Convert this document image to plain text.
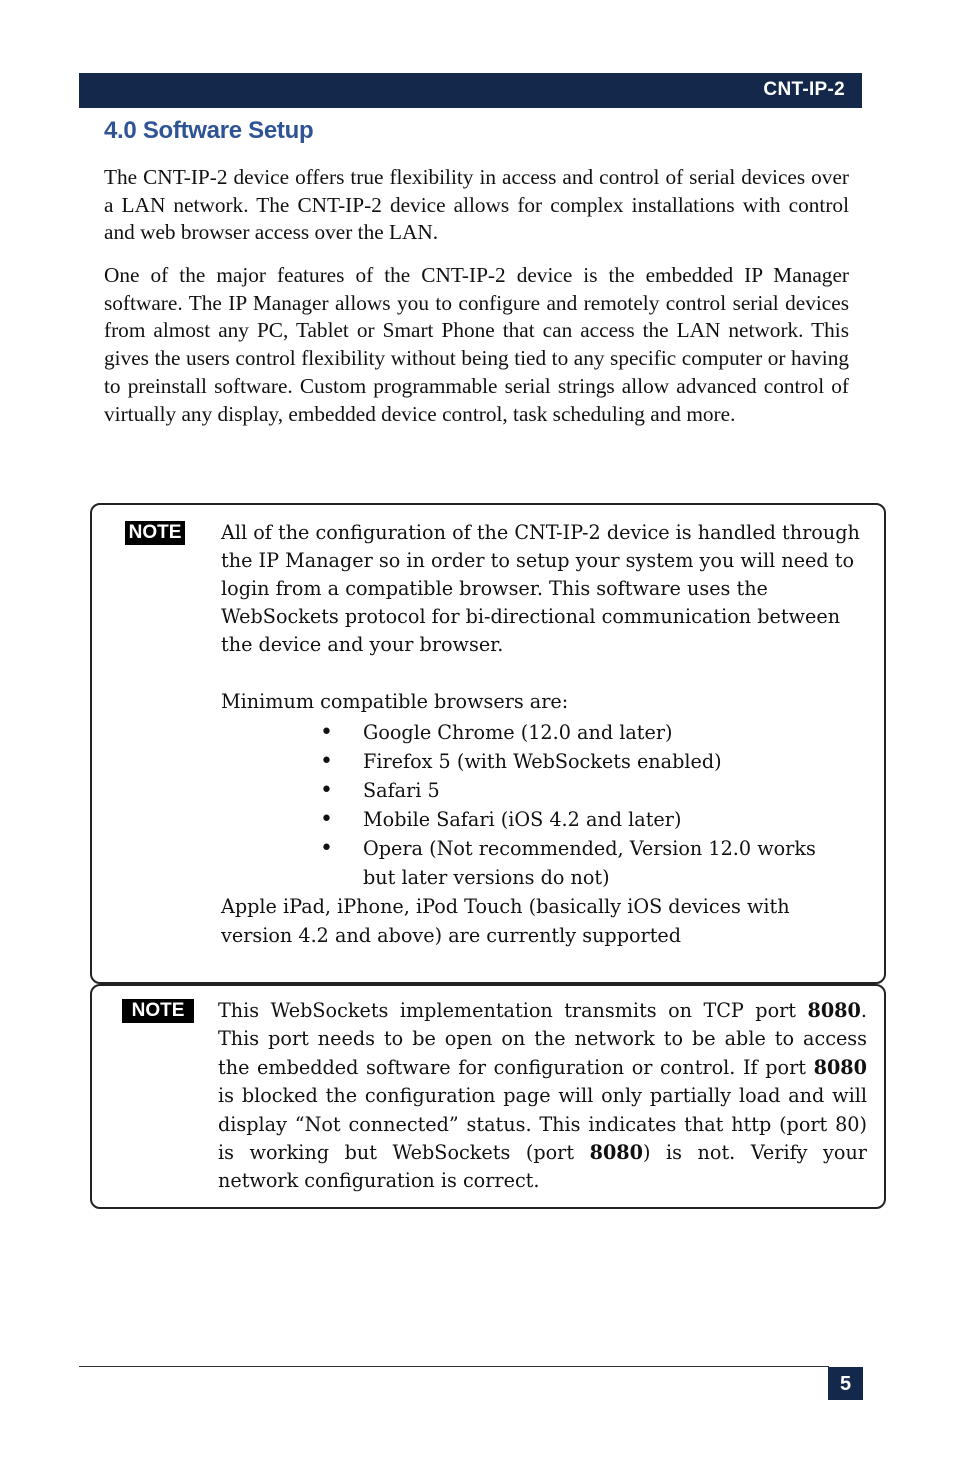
CNT-IP-2
4.0 Software Setup

The CNT-IP-2 device offers true flexibility in access and control of serial devices over a LAN network. The CNT-IP-2 device allows for complex installations with control and web browser access over the LAN.

One of the major features of the CNT-IP-2 device is the embedded IP Manager software. The IP Manager allows you to configure and remotely control serial devices from almost any PC, Tablet or Smart Phone that can access the LAN network. This gives the users control flexibility without being tied to any specific computer or having to preinstall software. Custom programmable serial strings allow advanced control of virtually any display, embedded device control, task scheduling and more.

NOTE All of the configuration of the CNT-IP-2 device is handled through the IP Manager so in order to setup your system you will need to login from a compatible browser. This software uses the WebSockets protocol for bi-directional communication between the device and your browser.

Minimum compatible browsers are:

• Google Chrome (12.0 and later)
• Firefox 5 (with WebSockets enabled)
• Safari 5
• Mobile Safari (iOS 4.2 and later)
• Opera (Not recommended, Version 12.0 works but later versions do not)

Apple iPad, iPhone, iPod Touch (basically iOS devices with version 4.2 and above) are currently supported

NOTE	This WebSockets implementation transmits on TCP port 8080. This port needs to be open on the network to be able to access the embedded software for configuration or control. If port 8080 is blocked the configuration page will only partially load and will display “Not connected” status. This indicates that http (port 80) is working but WebSockets (port 8080) is not. Verify your network configuration is correct.

5
